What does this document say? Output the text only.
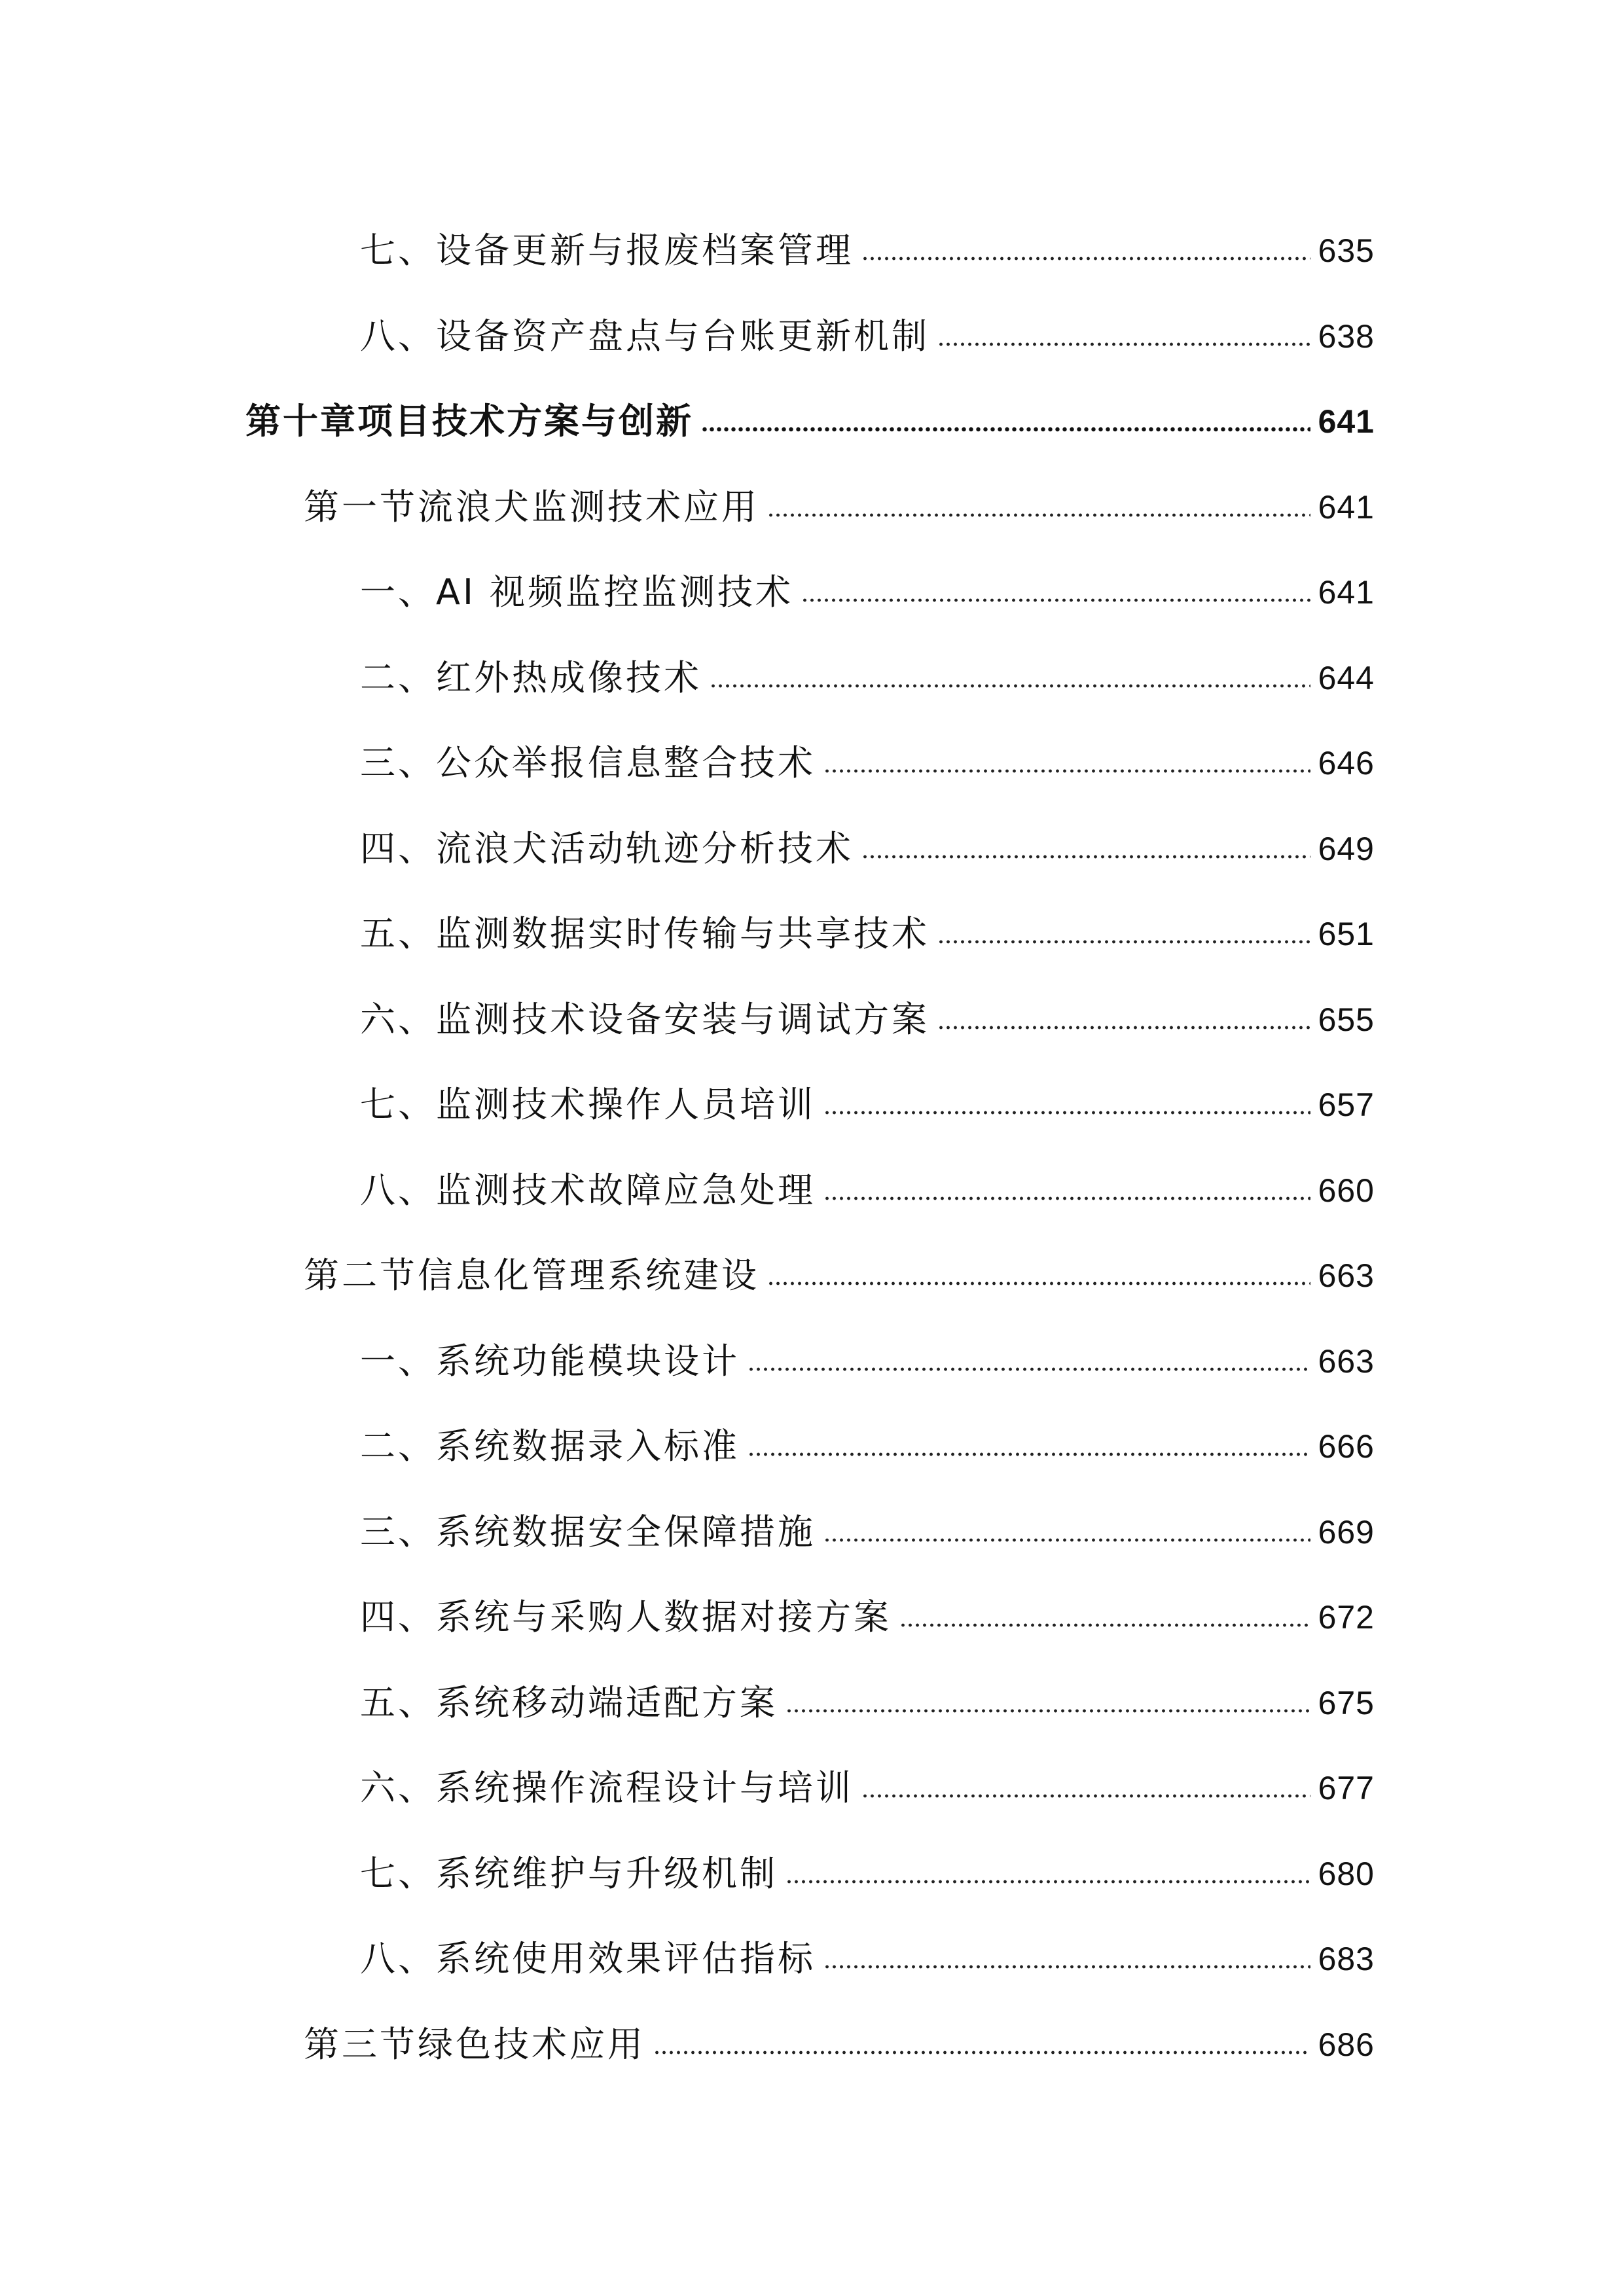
七、设备更新与报废档案管理	635
八、设备资产盘点与台账更新机制	638
第十章项目技术方案与创新	641
第一节流浪犬监测技术应用	641
一、AI 视频监控监测技术	641
二、红外热成像技术	644
三、公众举报信息整合技术	646
四、流浪犬活动轨迹分析技术	649
五、监测数据实时传输与共享技术	651
六、监测技术设备安装与调试方案	655
七、监测技术操作人员培训	657
八、监测技术故障应急处理	660
第二节信息化管理系统建设	663
一、系统功能模块设计	663
二、系统数据录入标准	666
三、系统数据安全保障措施	669
四、系统与采购人数据对接方案	672
五、系统移动端适配方案	675
六、系统操作流程设计与培训	677
七、系统维护与升级机制	680
八、系统使用效果评估指标	683
第三节绿色技术应用	686
